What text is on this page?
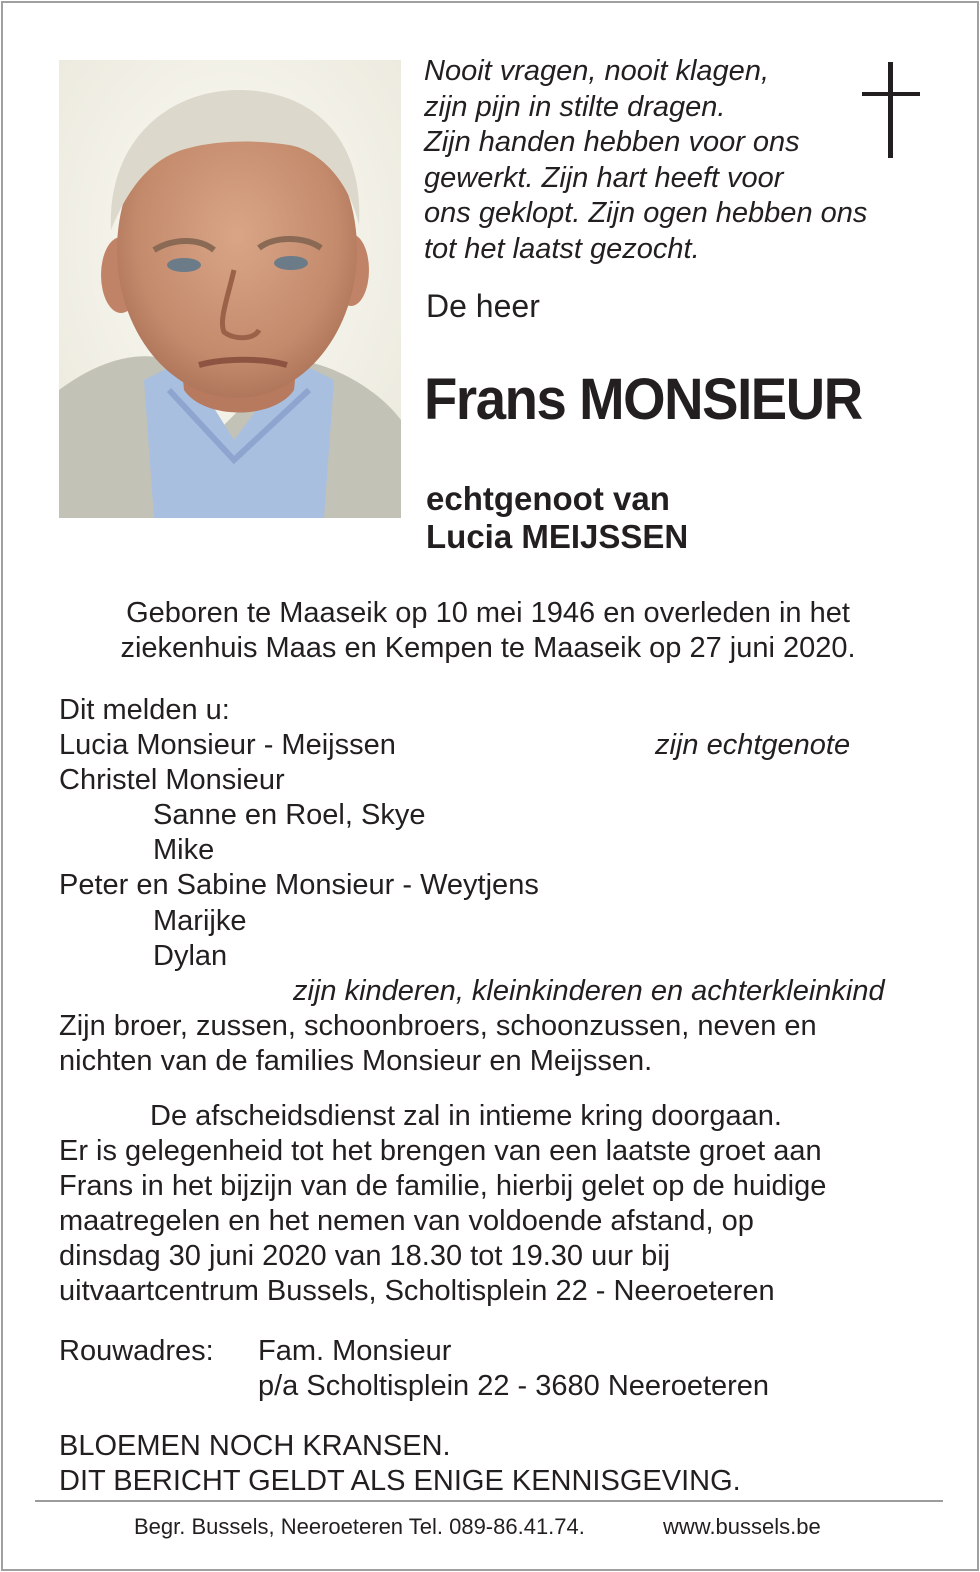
Nooit vragen, nooit klagen,
zijn pijn in stilte dragen.
Zijn handen hebben voor ons
gewerkt. Zijn hart heeft voor
ons geklopt. Zijn ogen hebben ons
tot het laatst gezocht.
De heer
Frans MONSIEUR
echtgenoot van
Lucia MEIJSSEN
Geboren te Maaseik op 10 mei 1946 en overleden in het
ziekenhuis Maas en Kempen te Maaseik op 27 juni 2020.
Dit melden u:
Lucia Monsieur - Meijssen	zijn echtgenote
Christel Monsieur
Sanne en Roel, Skye
Mike
Peter en Sabine Monsieur - Weytjens
Marijke
Dylan
zijn kinderen, kleinkinderen en achterkleinkind
Zijn broer, zussen, schoonbroers, schoonzussen, neven en
nichten van de families Monsieur en Meijssen.
De afscheidsdienst zal in intieme kring doorgaan.
Er is gelegenheid tot het brengen van een laatste groet aan
Frans in het bijzijn van de familie, hierbij gelet op de huidige
maatregelen en het nemen van voldoende afstand, op
dinsdag 30 juni 2020 van 18.30 tot 19.30 uur bij
uitvaartcentrum Bussels, Scholtisplein 22 - Neeroeteren
Rouwadres: Fam. Monsieur
p/a Scholtisplein 22 - 3680 Neeroeteren
BLOEMEN NOCH KRANSEN.
DIT BERICHT GELDT ALS ENIGE KENNISGEVING.
Begr. Bussels, Neeroeteren Tel. 089-86.41.74.	www.bussels.be
